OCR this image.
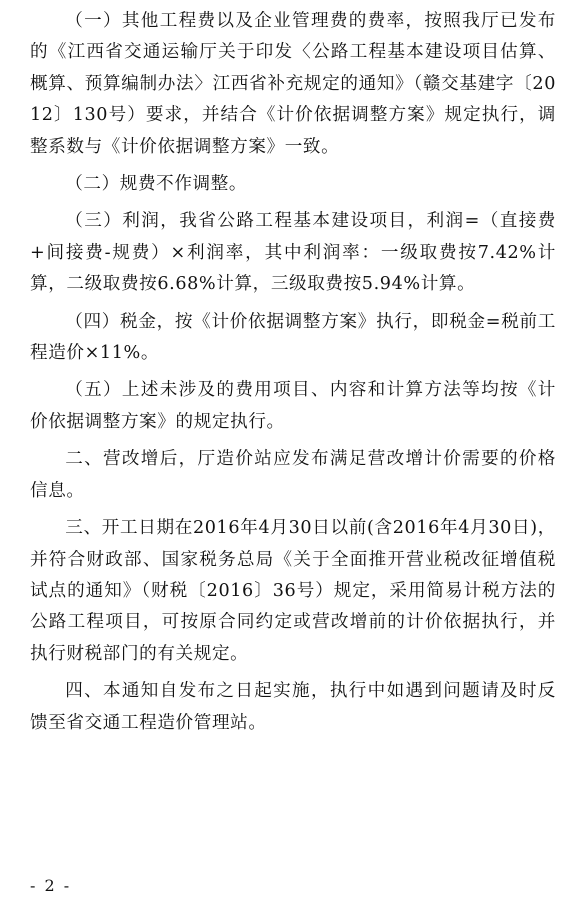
（一）其他工程费以及企业管理费的费率，按照我厅已发布的《江西省交通运输厅关于印发〈公路工程基本建设项目估算、概算、预算编制办法〉江西省补充规定的通知》（赣交基建字〔2012〕130号）要求，并结合《计价依据调整方案》规定执行，调整系数与《计价依据调整方案》一致。

（二）规费不作调整。

（三）利润，我省公路工程基本建设项目，利润=（直接费+间接费-规费）×利润率，其中利润率：一级取费按7.42%计算，二级取费按6.68%计算，三级取费按5.94%计算。

（四）税金，按《计价依据调整方案》执行，即税金=税前工程造价×11%。

（五）上述未涉及的费用项目、内容和计算方法等均按《计价依据调整方案》的规定执行。

二、营改增后，厅造价站应发布满足营改增计价需要的价格信息。

三、开工日期在2016年4月30日以前(含2016年4月30日)，并符合财政部、国家税务总局《关于全面推开营业税改征增值税试点的通知》（财税〔2016〕36号）规定，采用简易计税方法的公路工程项目，可按原合同约定或营改增前的计价依据执行，并执行财税部门的有关规定。

四、本通知自发布之日起实施，执行中如遇到问题请及时反馈至省交通工程造价管理站。

- 2 -
